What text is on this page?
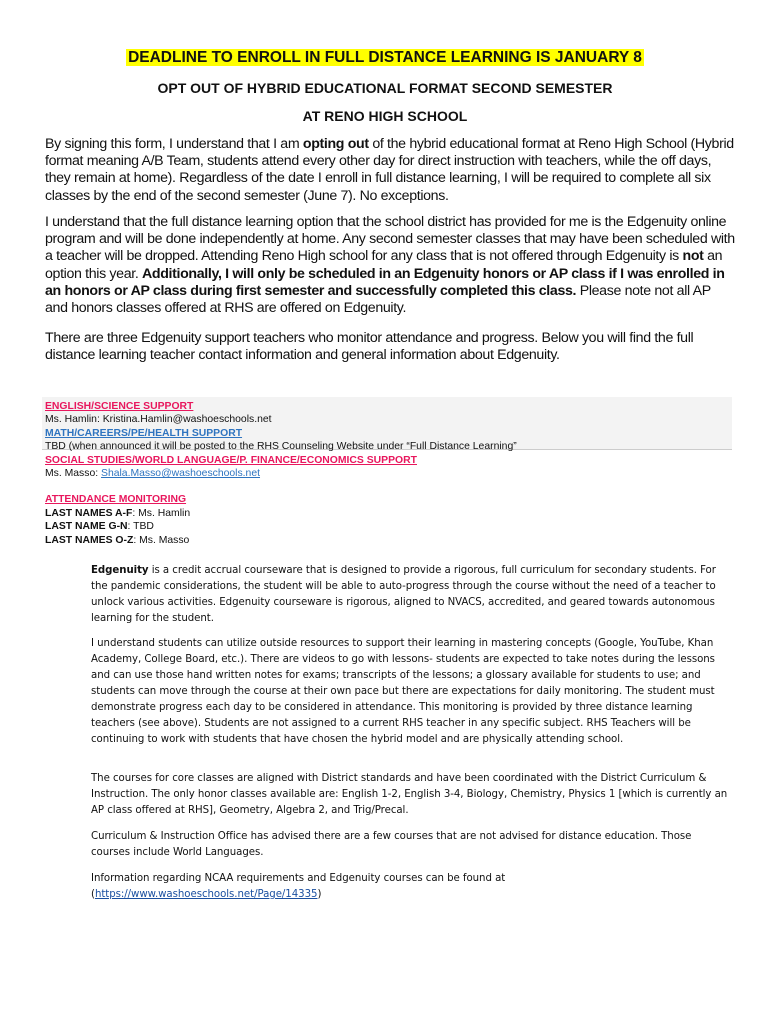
DEADLINE TO ENROLL IN FULL DISTANCE LEARNING IS JANUARY 8
OPT OUT OF HYBRID EDUCATIONAL FORMAT SECOND SEMESTER
AT RENO HIGH SCHOOL

By signing this form, I understand that I am opting out of the hybrid educational format at Reno High School (Hybrid format meaning A/B Team, students attend every other day for direct instruction with teachers, while the off days, they remain at home). Regardless of the date I enroll in full distance learning, I will be required to complete all six classes by the end of the second semester (June 7). No exceptions.

I understand that the full distance learning option that the school district has provided for me is the Edgenuity online program and will be done independently at home. Any second semester classes that may have been scheduled with a teacher will be dropped. Attending Reno High school for any class that is not offered through Edgenuity is not an option this year. Additionally, I will only be scheduled in an Edgenuity honors or AP class if I was enrolled in an honors or AP class during first semester and successfully completed this class. Please note not all AP and honors classes offered at RHS are offered on Edgenuity.

There are three Edgenuity support teachers who monitor attendance and progress. Below you will find the full distance learning teacher contact information and general information about Edgenuity.

ENGLISH/SCIENCE SUPPORT
Ms. Hamlin: Kristina.Hamlin@washoeschools.net
MATH/CAREERS/PE/HEALTH SUPPORT
TBD (when announced it will be posted to the RHS Counseling Website under “Full Distance Learning”
SOCIAL STUDIES/WORLD LANGUAGE/P. FINANCE/ECONOMICS SUPPORT
Ms. Masso: Shala.Masso@washoeschools.net
ATTENDANCE MONITORING
LAST NAMES A-F: Ms. Hamlin
LAST NAME G-N: TBD
LAST NAMES O-Z: Ms. Masso

Edgenuity is a credit accrual courseware that is designed to provide a rigorous, full curriculum for secondary students. For the pandemic considerations, the student will be able to auto-progress through the course without the need of a teacher to unlock various activities. Edgenuity courseware is rigorous, aligned to NVACS, accredited, and geared towards autonomous learning for the student.

I understand students can utilize outside resources to support their learning in mastering concepts (Google, YouTube, Khan Academy, College Board, etc.). There are videos to go with lessons- students are expected to take notes during the lessons and can use those hand written notes for exams; transcripts of the lessons; a glossary available for students to use; and students can move through the course at their own pace but there are expectations for daily monitoring. The student must demonstrate progress each day to be considered in attendance. This monitoring is provided by three distance learning teachers (see above). Students are not assigned to a current RHS teacher in any specific subject. RHS Teachers will be continuing to work with students that have chosen the hybrid model and are physically attending school.

The courses for core classes are aligned with District standards and have been coordinated with the District Curriculum & Instruction. The only honor classes available are: English 1-2, English 3-4, Biology, Chemistry, Physics 1 [which is currently an AP class offered at RHS], Geometry, Algebra 2, and Trig/Precal.

Curriculum & Instruction Office has advised there are a few courses that are not advised for distance education. Those courses include World Languages.

Information regarding NCAA requirements and Edgenuity courses can be found at (https://www.washoeschools.net/Page/14335)
